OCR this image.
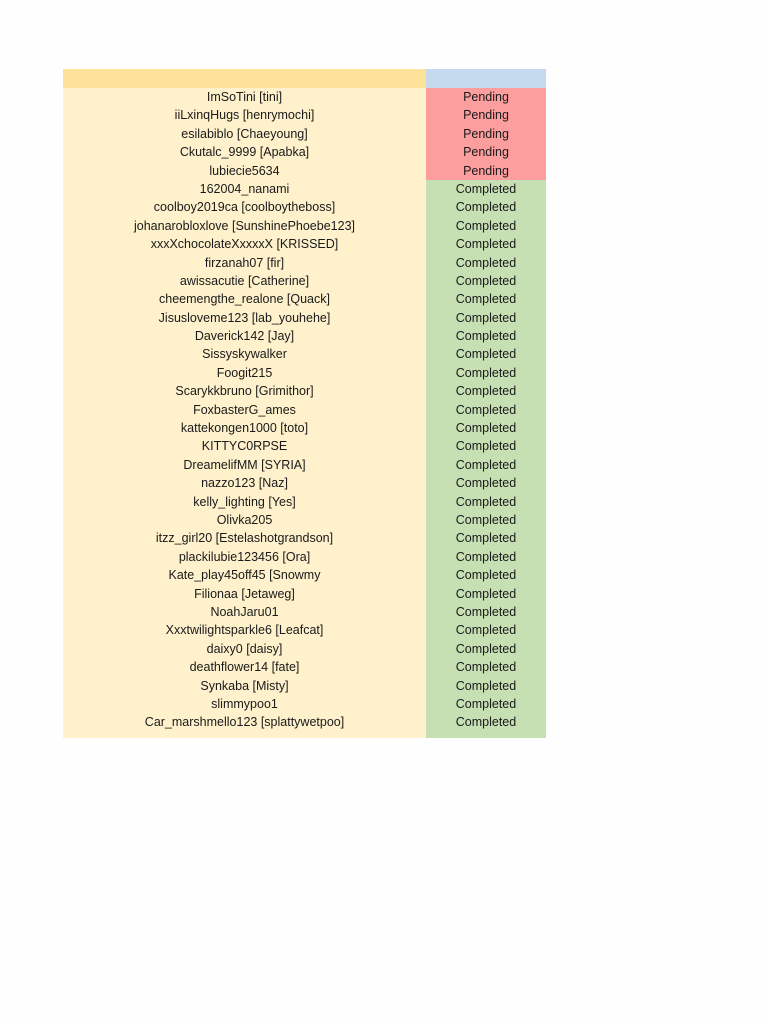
ImSoTini [tini]	Pending
iiLxinqHugs [henrymochi]	Pending
esilabiblo [Chaeyoung]	Pending
Ckutalc_9999 [Apabka]	Pending
lubiecie5634	Pending
162004_nanami	Completed
coolboy2019ca [coolboytheboss]	Completed
johanarobloxlove [SunshinePhoebe123]	Completed
xxxXchocolateXxxxxX [KRISSED]	Completed
firzanah07 [fir]	Completed
awissacutie [Catherine]	Completed
cheemengthe_realone [Quack]	Completed
Jisusloveme123 [lab_youhehe]	Completed
Daverick142 [Jay]	Completed
Sissyskywalker	Completed
Foogit215	Completed
Scarykkbruno [Grimithor]	Completed
FoxbasterG_ames	Completed
kattekongen1000 [toto]	Completed
KITTYC0RPSE	Completed
DreamelifMM [SYRIA]	Completed
nazzo123 [Naz]	Completed
kelly_lighting [Yes]	Completed
Olivka205	Completed
itzz_girl20 [Estelashotgrandson]	Completed
plackilubie123456 [Ora]	Completed
Kate_play45off45 [Snowmy	Completed
Filionaa [Jetaweg]	Completed
NoahJaru01	Completed
Xxxtwilightsparkle6 [Leafcat]	Completed
daixy0 [daisy]	Completed
deathflower14 [fate]	Completed
Synkaba [Misty]	Completed
slimmypoo1	Completed
Car_marshmello123 [splattywetpoo]	Completed
